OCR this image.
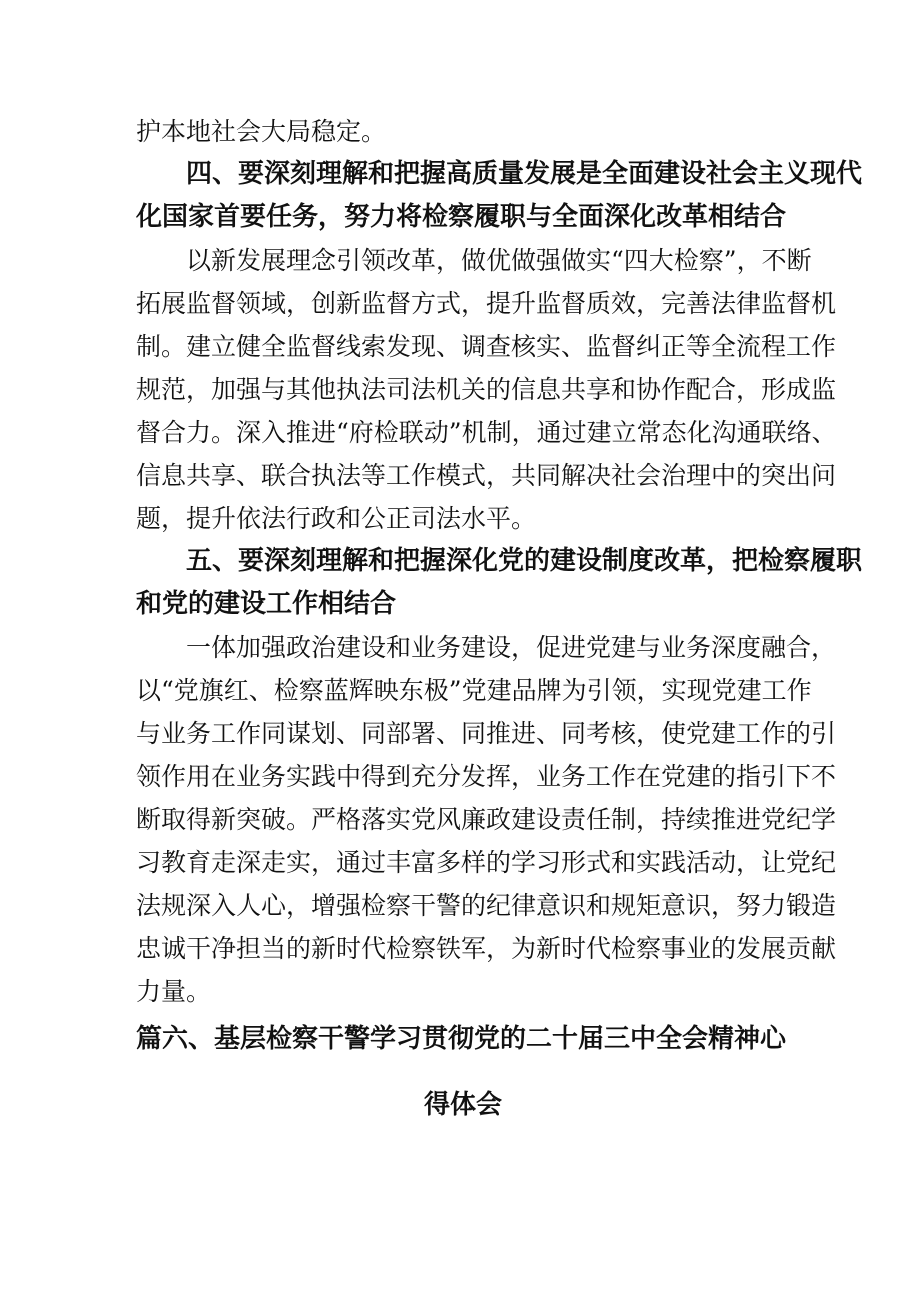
护本地社会大局稳定。
四、要深刻理解和把握高质量发展是全面建设社会主义现代
化国家首要任务，努力将检察履职与全面深化改革相结合
以新发展理念引领改革，做优做强做实“四大检察”，不断
拓展监督领域，创新监督方式，提升监督质效，完善法律监督机
制。建立健全监督线索发现、调查核实、监督纠正等全流程工作
规范，加强与其他执法司法机关的信息共享和协作配合，形成监
督合力。深入推进“府检联动”机制，通过建立常态化沟通联络、
信息共享、联合执法等工作模式，共同解决社会治理中的突出问
题，提升依法行政和公正司法水平。
五、要深刻理解和把握深化党的建设制度改革，把检察履职
和党的建设工作相结合
一体加强政治建设和业务建设，促进党建与业务深度融合，
以“党旗红、检察蓝辉映东极”党建品牌为引领，实现党建工作
与业务工作同谋划、同部署、同推进、同考核，使党建工作的引
领作用在业务实践中得到充分发挥，业务工作在党建的指引下不
断取得新突破。严格落实党风廉政建设责任制，持续推进党纪学
习教育走深走实，通过丰富多样的学习形式和实践活动，让党纪
法规深入人心，增强检察干警的纪律意识和规矩意识，努力锻造
忠诚干净担当的新时代检察铁军，为新时代检察事业的发展贡献
力量。
篇六、基层检察干警学习贯彻党的二十届三中全会精神心
得体会
